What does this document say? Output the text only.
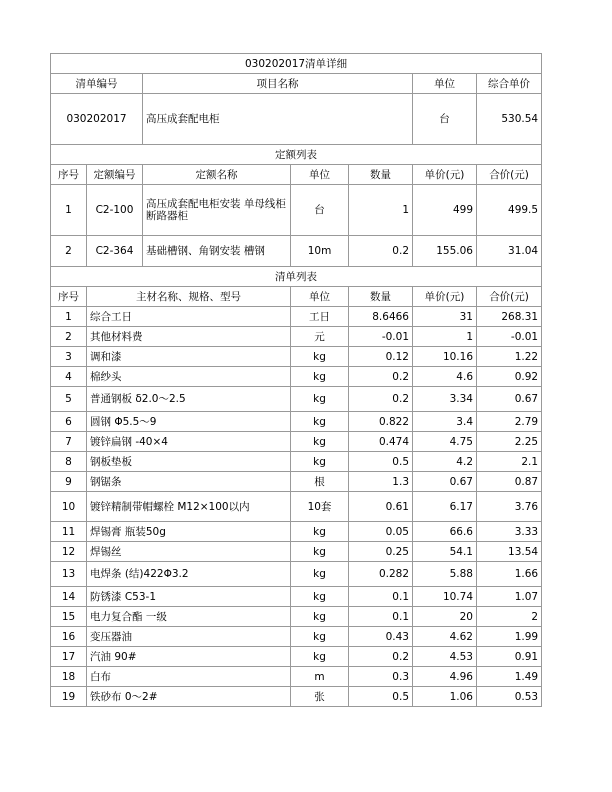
030202017清单详细						
清单编号		项目名称			单位	综合单价
030202017		高压成套配电柜			台	530.54
定额列表						
序号	定额编号	定额名称	单位	数量	单价(元)	合价(元)
1	C2-100	高压成套配电柜安装 单母线柜 断路器柜	台	1	499	499.5
2	C2-364	基础槽钢、角钢安装 槽钢	10m	0.2	155.06	31.04
清单列表						
序号	主材名称、规格、型号		单位	数量	单价(元)	合价(元)
1	综合工日		工日	8.6466	31	268.31
2	其他材料费		元	-0.01	1	-0.01
3	调和漆		kg	0.12	10.16	1.22
4	棉纱头		kg	0.2	4.6	0.92
5	普通钢板 δ2.0～2.5		kg	0.2	3.34	0.67
6	圆钢 Φ5.5～9		kg	0.822	3.4	2.79
7	镀锌扁钢 -40×4		kg	0.474	4.75	2.25
8	钢板垫板		kg	0.5	4.2	2.1
9	钢锯条		根	1.3	0.67	0.87
10	镀锌精制带帽螺栓 M12×100以内		10套	0.61	6.17	3.76
11	焊锡膏 瓶装50g		kg	0.05	66.6	3.33
12	焊锡丝		kg	0.25	54.1	13.54
13	电焊条 (结)422Φ3.2		kg	0.282	5.88	1.66
14	防锈漆 C53-1		kg	0.1	10.74	1.07
15	电力复合酯 一级		kg	0.1	20	2
16	变压器油		kg	0.43	4.62	1.99
17	汽油 90#		kg	0.2	4.53	0.91
18	白布		m	0.3	4.96	1.49
19	铁砂布 0～2#		张	0.5	1.06	0.53
